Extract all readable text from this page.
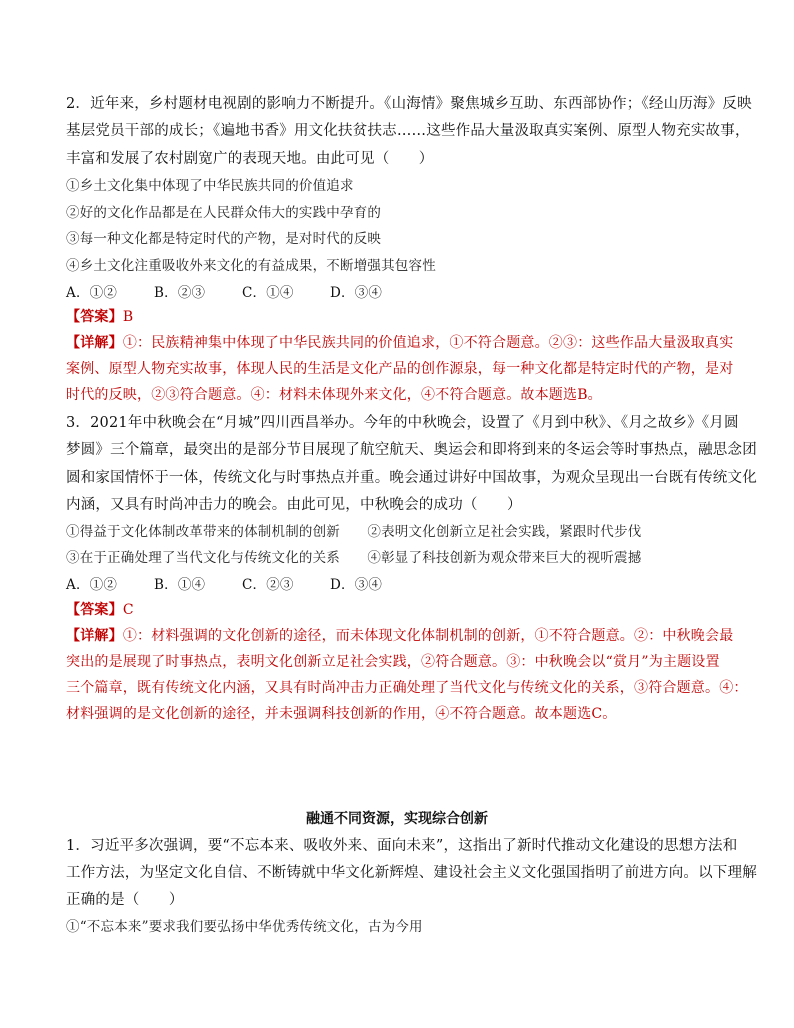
2．近年来，乡村题材电视剧的影响力不断提升。《山海情》聚焦城乡互助、东西部协作；《经山历海》反映
基层党员干部的成长；《遍地书香》用文化扶贫扶志……这些作品大量汲取真实案例、原型人物充实故事，
丰富和发展了农村剧宽广的表现天地。由此可见（　　）
①乡土文化集中体现了中华民族共同的价值追求
②好的文化作品都是在人民群众伟大的实践中孕育的
③每一种文化都是特定时代的产物，是对时代的反映
④乡土文化注重吸收外来文化的有益成果，不断增强其包容性
A．①②	B．②③	C．①④	D．③④
【答案】B
【详解】①：民族精神集中体现了中华民族共同的价值追求，①不符合题意。②③：这些作品大量汲取真实
案例、原型人物充实故事，体现人民的生活是文化产品的创作源泉，每一种文化都是特定时代的产物，是对
时代的反映，②③符合题意。④：材料未体现外来文化，④不符合题意。故本题选B。
3．2021年中秋晚会在“月城”四川西昌举办。今年的中秋晚会，设置了《月到中秋》、《月之故乡》《月圆
梦圆》三个篇章，最突出的是部分节目展现了航空航天、奥运会和即将到来的冬运会等时事热点，融思念团
圆和家国情怀于一体，传统文化与时事热点并重。晚会通过讲好中国故事，为观众呈现出一台既有传统文化
内涵，又具有时尚冲击力的晚会。由此可见，中秋晚会的成功（　　）
①得益于文化体制改革带来的体制机制的创新　　②表明文化创新立足社会实践，紧跟时代步伐
③在于正确处理了当代文化与传统文化的关系　　④彰显了科技创新为观众带来巨大的视听震撼
A．①②	B．①④	C．②③	D．③④
【答案】C
【详解】①：材料强调的文化创新的途径，而未体现文化体制机制的创新，①不符合题意。②：中秋晚会最
突出的是展现了时事热点，表明文化创新立足社会实践，②符合题意。③：中秋晚会以“赏月”为主题设置
三个篇章，既有传统文化内涵，又具有时尚冲击力正确处理了当代文化与传统文化的关系，③符合题意。④：
材料强调的是文化创新的途径，并未强调科技创新的作用，④不符合题意。故本题选C。
融通不同资源，实现综合创新
1．习近平多次强调，要“不忘本来、吸收外来、面向未来”，这指出了新时代推动文化建设的思想方法和
工作方法，为坚定文化自信、不断铸就中华文化新辉煌、建设社会主义文化强国指明了前进方向。以下理解
正确的是（　　）
①“不忘本来”要求我们要弘扬中华优秀传统文化，古为今用
